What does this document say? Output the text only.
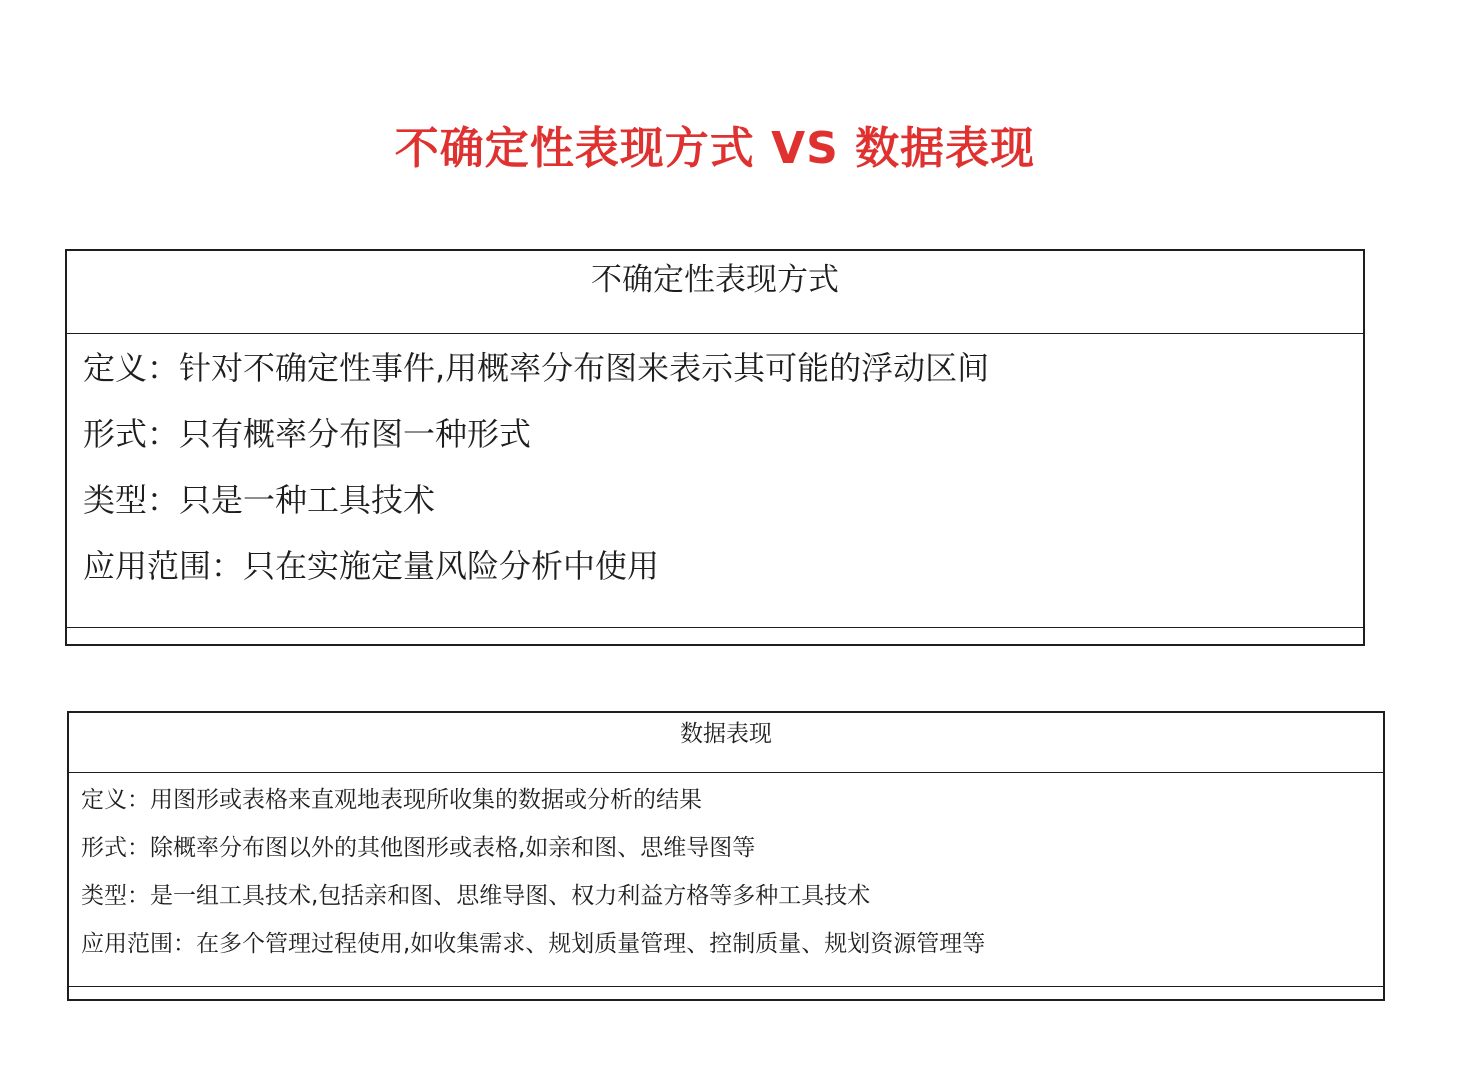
不确定性表现方式 VS 数据表现
不确定性表现方式
定义：针对不确定性事件,用概率分布图来表示其可能的浮动区间
形式：只有概率分布图一种形式
类型：只是一种工具技术
应用范围：只在实施定量风险分析中使用
数据表现
定义：用图形或表格来直观地表现所收集的数据或分析的结果
形式：除概率分布图以外的其他图形或表格,如亲和图、思维导图等
类型：是一组工具技术,包括亲和图、思维导图、权力利益方格等多种工具技术
应用范围：在多个管理过程使用,如收集需求、规划质量管理、控制质量、规划资源管理等
